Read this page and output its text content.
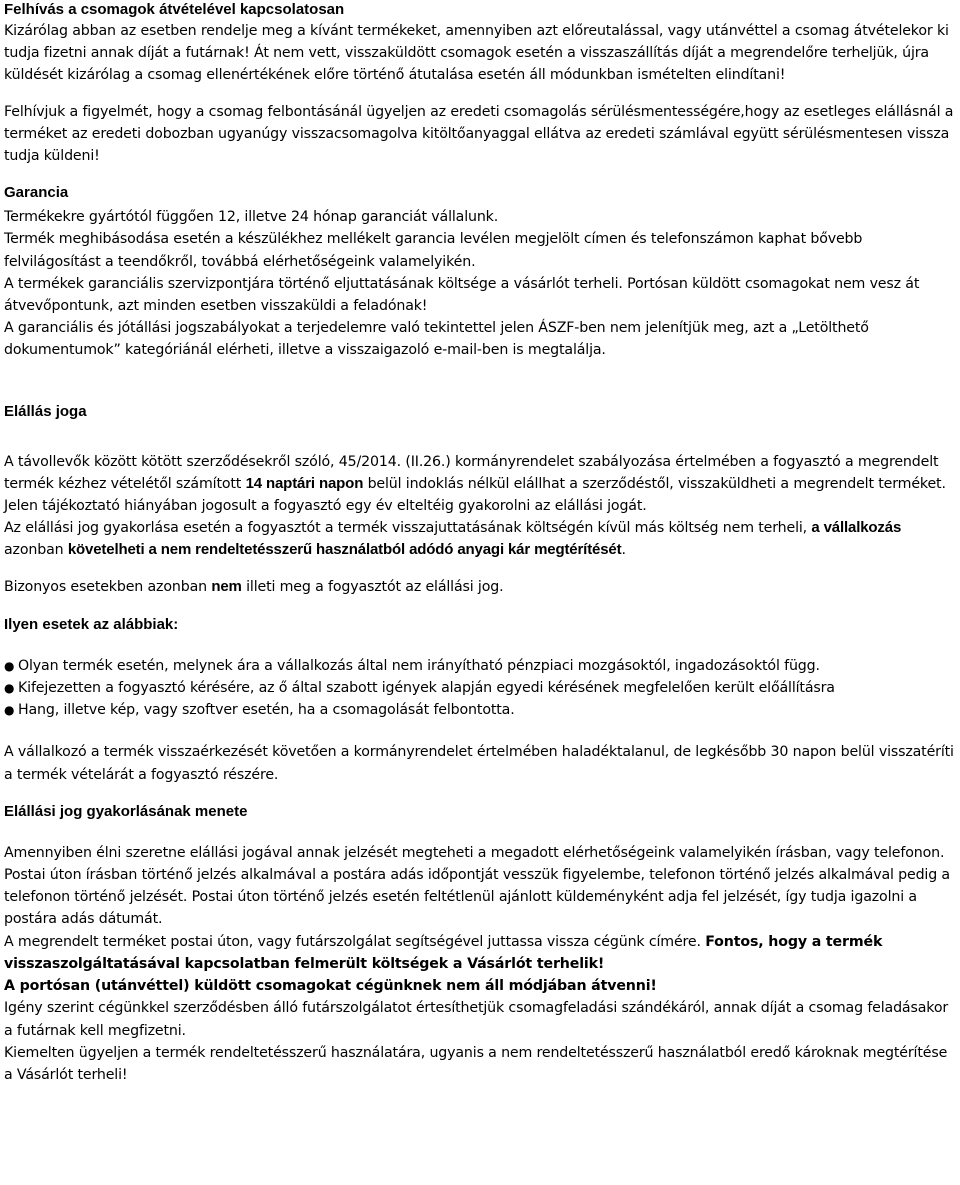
Felhívás a csomagok átvételével kapcsolatosan

Kizárólag abban az esetben rendelje meg a kívánt termékeket, amennyiben azt előreutalással, vagy utánvéttel a csomag átvételekor ki tudja fizetni annak díját a futárnak! Át nem vett, visszaküldött csomagok esetén a visszaszállítás díját a megrendelőre terheljük, újra küldését kizárólag a csomag ellenértékének előre történő átutalása esetén áll módunkban ismételten elindítani!

Felhívjuk a figyelmét, hogy a csomag felbontásánál ügyeljen az eredeti csomagolás sérülésmentességére,hogy az esetleges elállásnál a terméket az eredeti dobozban ugyanúgy visszacsomagolva kitöltőanyaggal ellátva az eredeti számlával együtt sérülésmentesen vissza tudja küldeni!

Garancia

Termékekre gyártótól függően 12, illetve 24 hónap garanciát vállalunk.

Termék meghibásodása esetén a készülékhez mellékelt garancia levélen megjelölt címen és telefonszámon kaphat bővebb felvilágosítást a teendőkről, továbbá elérhetőségeink valamelyikén.

A termékek garanciális szervizpontjára történő eljuttatásának költsége a vásárlót terheli. Portósan küldött csomagokat nem vesz át átvevőpontunk, azt minden esetben visszaküldi a feladónak!

A garanciális és jótállási jogszabályokat a terjedelemre való tekintettel jelen ÁSZF-ben nem jelenítjük meg, azt a „Letölthető dokumentumok” kategóriánál elérheti, illetve a visszaigazoló e-mail-ben is megtalálja.

Elállás joga

A távollevők között kötött szerződésekről szóló, 45/2014. (II.26.) kormányrendelet szabályozása értelmében a fogyasztó a megrendelt termék kézhez vételétől számított 14 naptári napon belül indoklás nélkül elállhat a szerződéstől, visszaküldheti a megrendelt terméket.

Jelen tájékoztató hiányában jogosult a fogyasztó egy év elteltéig gyakorolni az elállási jogát.

Az elállási jog gyakorlása esetén a fogyasztót a termék visszajuttatásának költségén kívül más költség nem terheli, a vállalkozás azonban követelheti a nem rendeltetésszerű használatból adódó anyagi kár megtérítését.

Bizonyos esetekben azonban nem illeti meg a fogyasztót az elállási jog.

Ilyen esetek az alábbiak:
● Olyan termék esetén, melynek ára a vállalkozás által nem irányítható pénzpiaci mozgásoktól, ingadozásoktól függ.
● Kifejezetten a fogyasztó kérésére, az ő által szabott igények alapján egyedi kérésének megfelelően került előállításra
● Hang, illetve kép, vagy szoftver esetén, ha a csomagolását felbontotta.

A vállalkozó a termék visszaérkezését követően a kormányrendelet értelmében haladéktalanul, de legkésőbb 30 napon belül visszatéríti a termék vételárát a fogyasztó részére.

Elállási jog gyakorlásának menete

Amennyiben élni szeretne elállási jogával annak jelzését megteheti a megadott elérhetőségeink valamelyikén írásban, vagy telefonon.

Postai úton írásban történő jelzés alkalmával a postára adás időpontját vesszük figyelembe, telefonon történő jelzés alkalmával pedig a telefonon történő jelzését. Postai úton történő jelzés esetén feltétlenül ajánlott küldeményként adja fel jelzését, így tudja igazolni a postára adás dátumát.

A megrendelt terméket postai úton, vagy futárszolgálat segítségével juttassa vissza cégünk címére. Fontos, hogy a termék visszaszolgáltatásával kapcsolatban felmerült költségek a Vásárlót terhelik!

A portósan (utánvéttel) küldött csomagokat cégünknek nem áll módjában átvenni!

Igény szerint cégünkkel szerződésben álló futárszolgálatot értesíthetjük csomagfeladási szándékáról, annak díját a csomag feladásakor a futárnak kell megfizetni.

Kiemelten ügyeljen a termék rendeltetésszerű használatára, ugyanis a nem rendeltetésszerű használatból eredő károknak megtérítése a Vásárlót terheli!
